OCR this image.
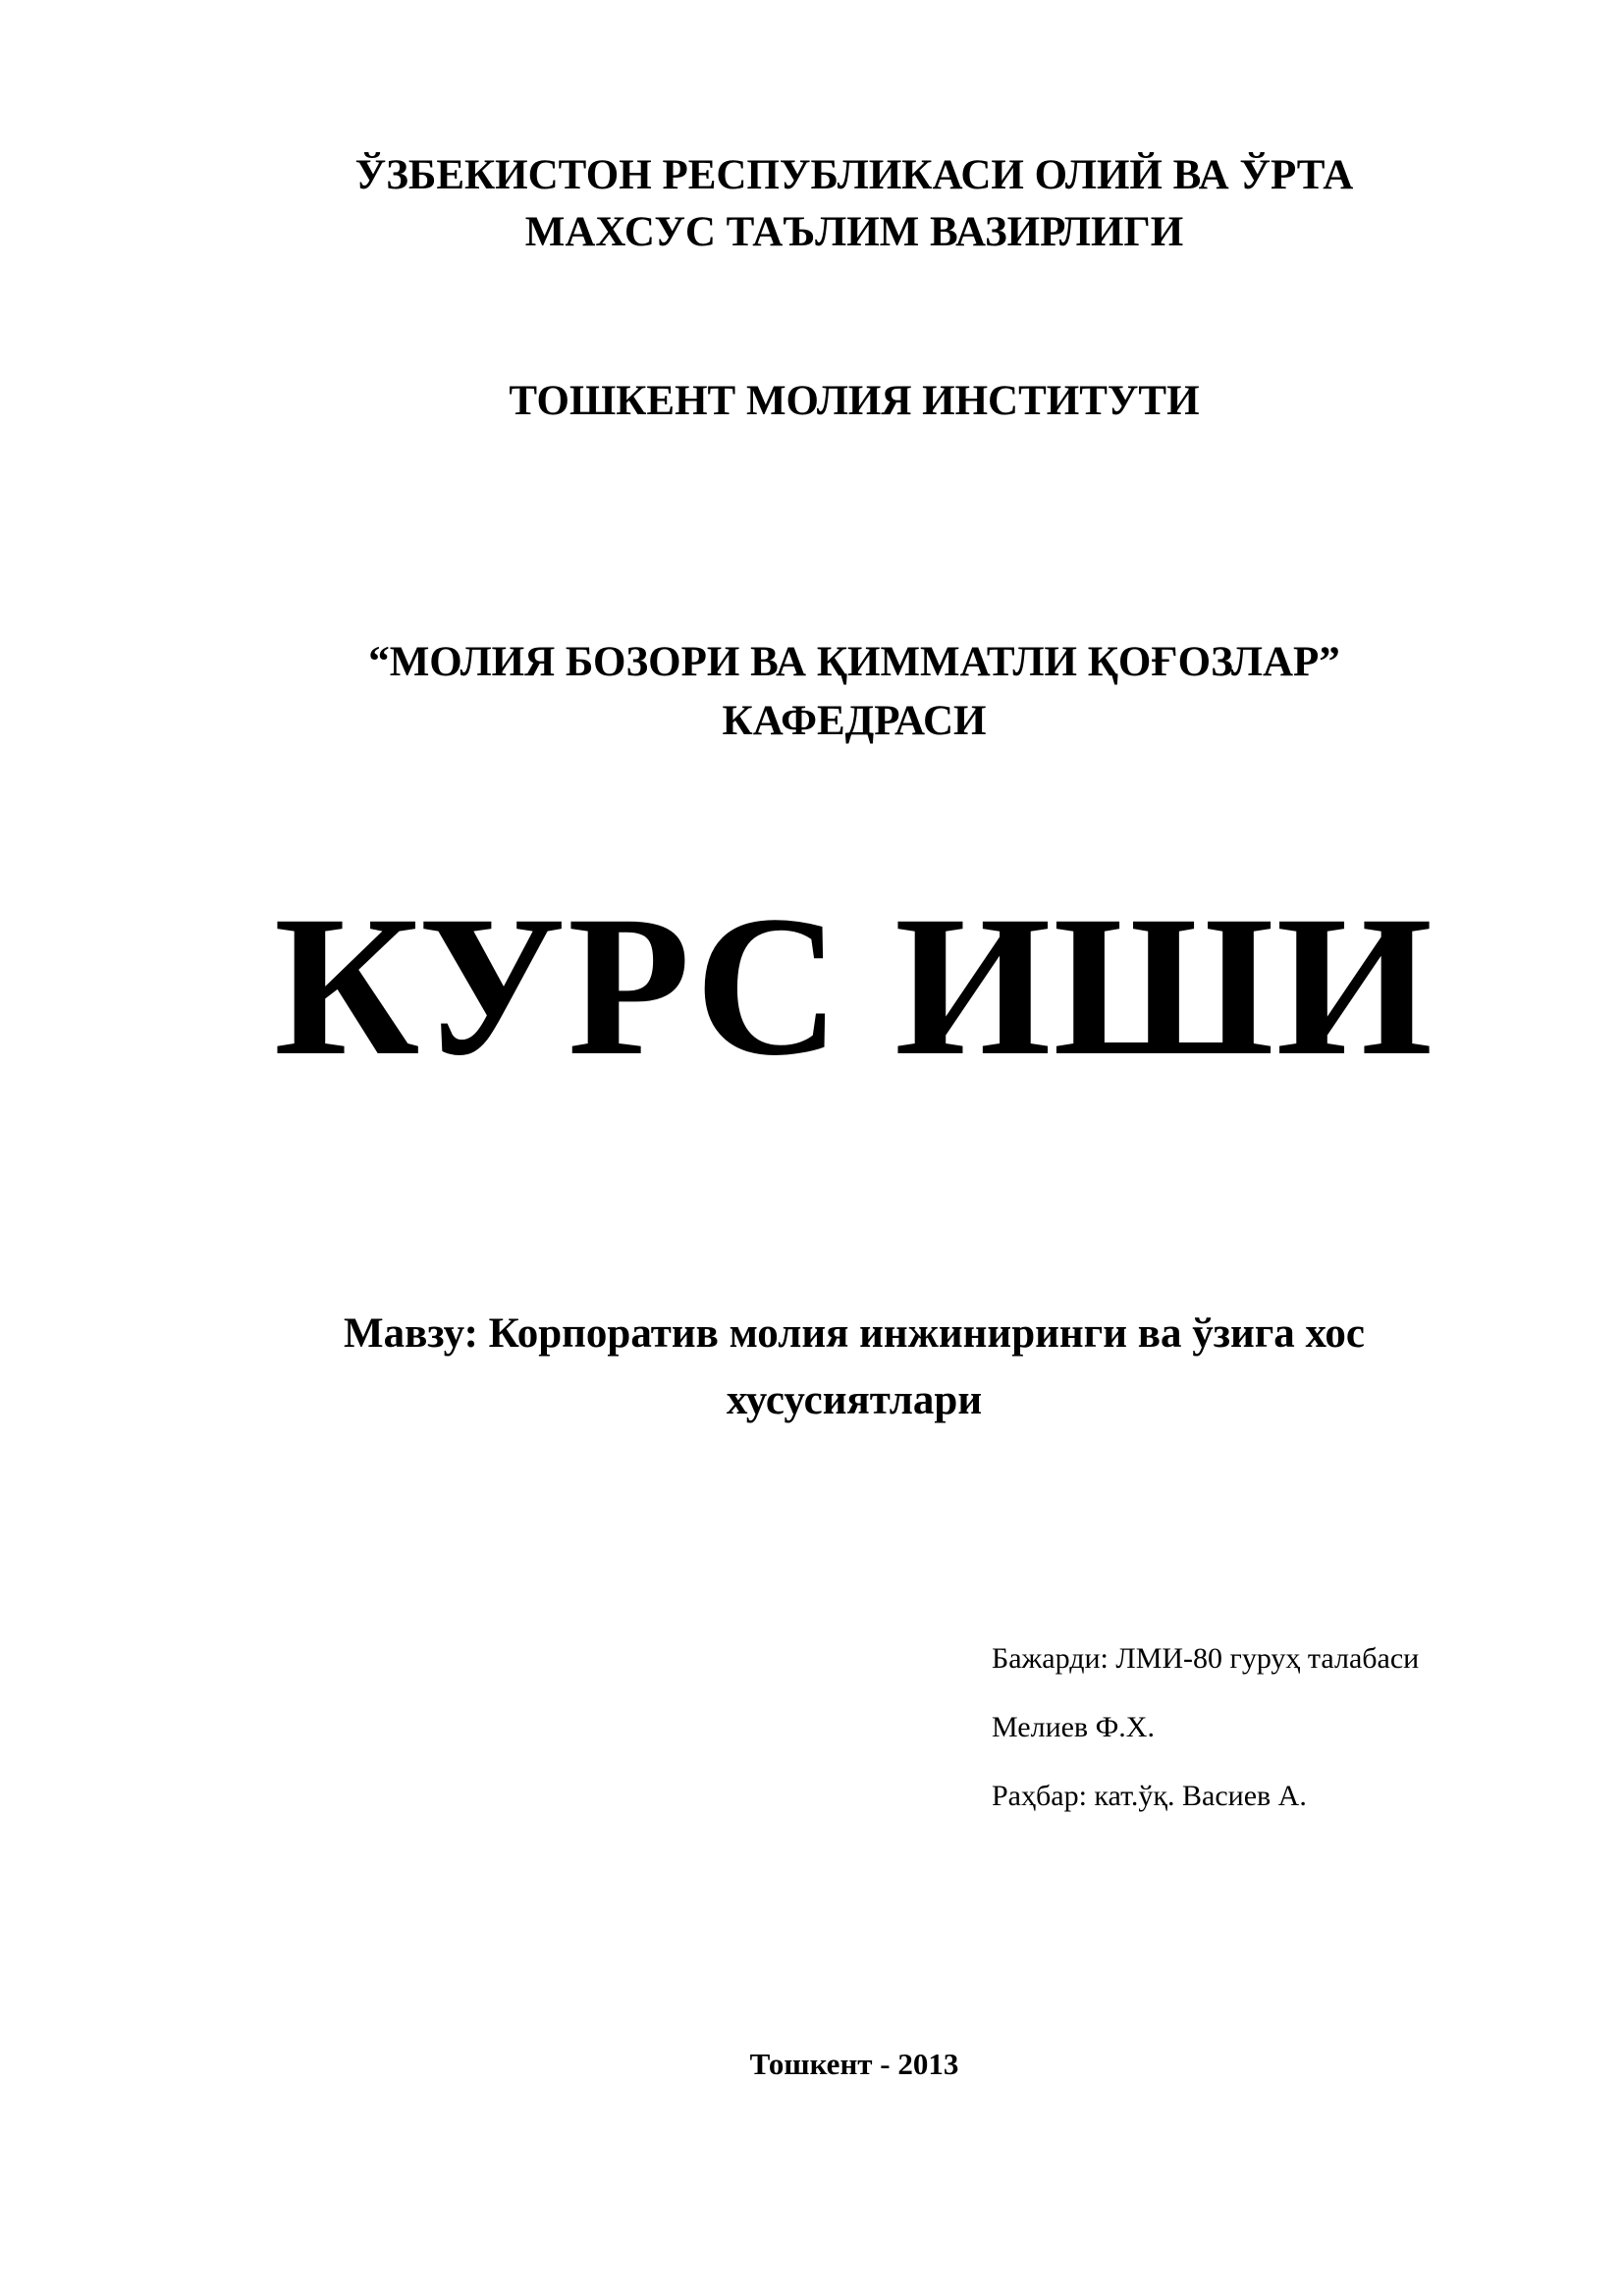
ЎЗБЕКИСТОН РЕСПУБЛИКАСИ ОЛИЙ ВА ЎРТА
МАХСУС ТАЪЛИМ ВАЗИРЛИГИ

ТОШКЕНТ МОЛИЯ ИНСТИТУТИ

“МОЛИЯ БОЗОРИ ВА ҚИММАТЛИ ҚОҒОЗЛАР”
КАФЕДРАСИ

КУРС ИШИ

Мавзу: Корпоратив молия инжиниринги ва ўзига хос
хусусиятлари

Бажарди: ЛМИ-80 гуруҳ талабаси
Мелиев Ф.Х.
Раҳбар: кат.ўқ. Васиев А.

Тошкент - 2013
